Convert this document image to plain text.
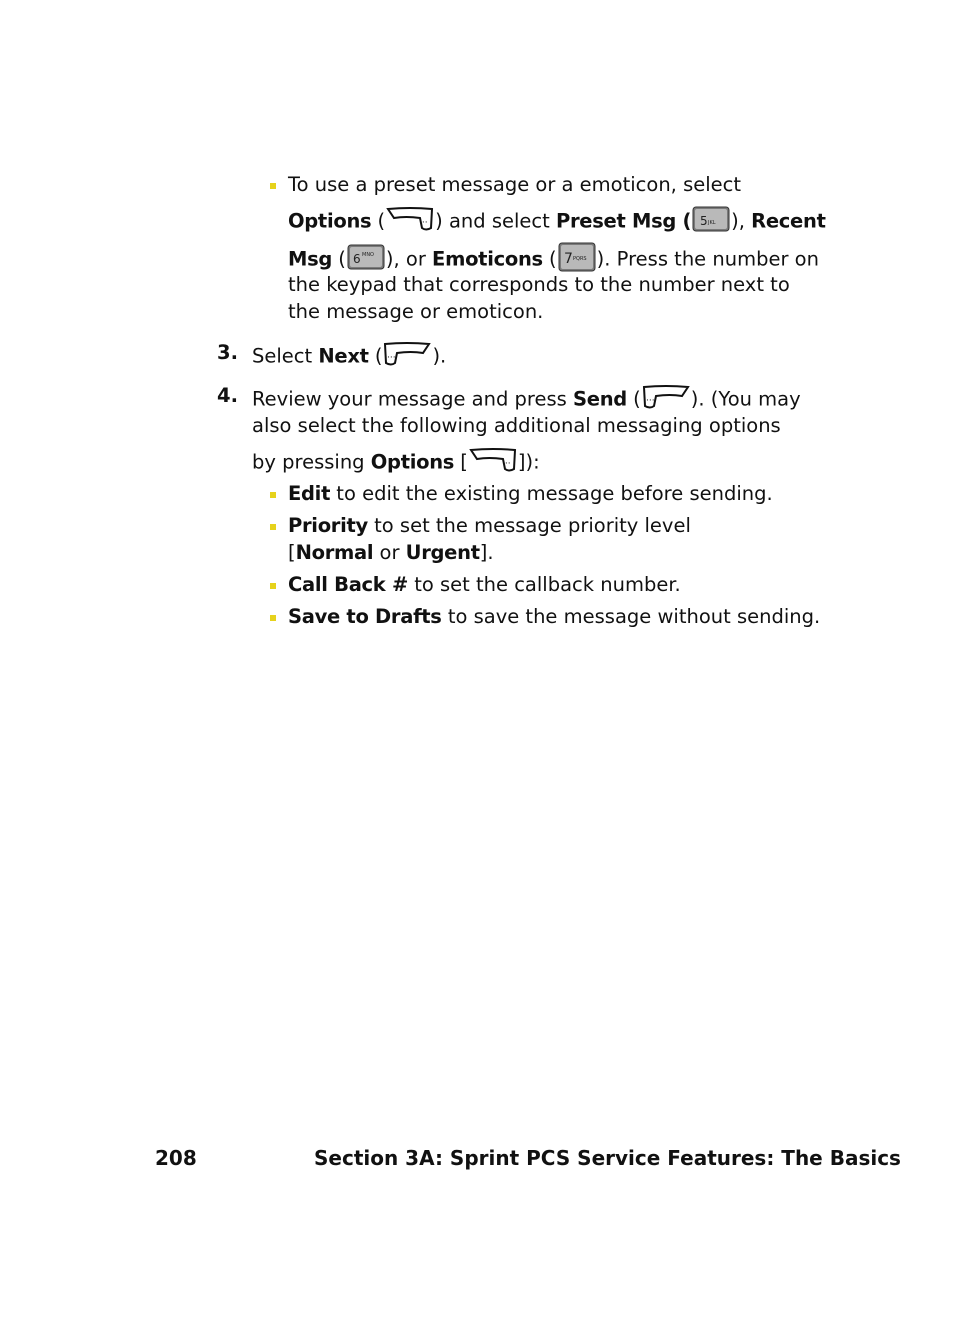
To use a preset message or a emoticon, select
Options (	··· ) and select Preset Msg ( 5 JKL ), Recent
Msg ( 6 MNO ), or Emoticons ( 7 PQRS ). Press the number on
the keypad that corresponds to the number next to
the message or emoticon.
3. Select Next ( ··· ).
4. Review your message and press Send ( ··· ). (You may
also select the following additional messaging options
by pressing Options [	··· ]):
Edit to edit the existing message before sending.
Priority to set the message priority level
[Normal or Urgent].
Call Back # to set the callback number.
Save to Drafts to save the message without sending.
208	Section 3A: Sprint PCS Service Features: The Basics
